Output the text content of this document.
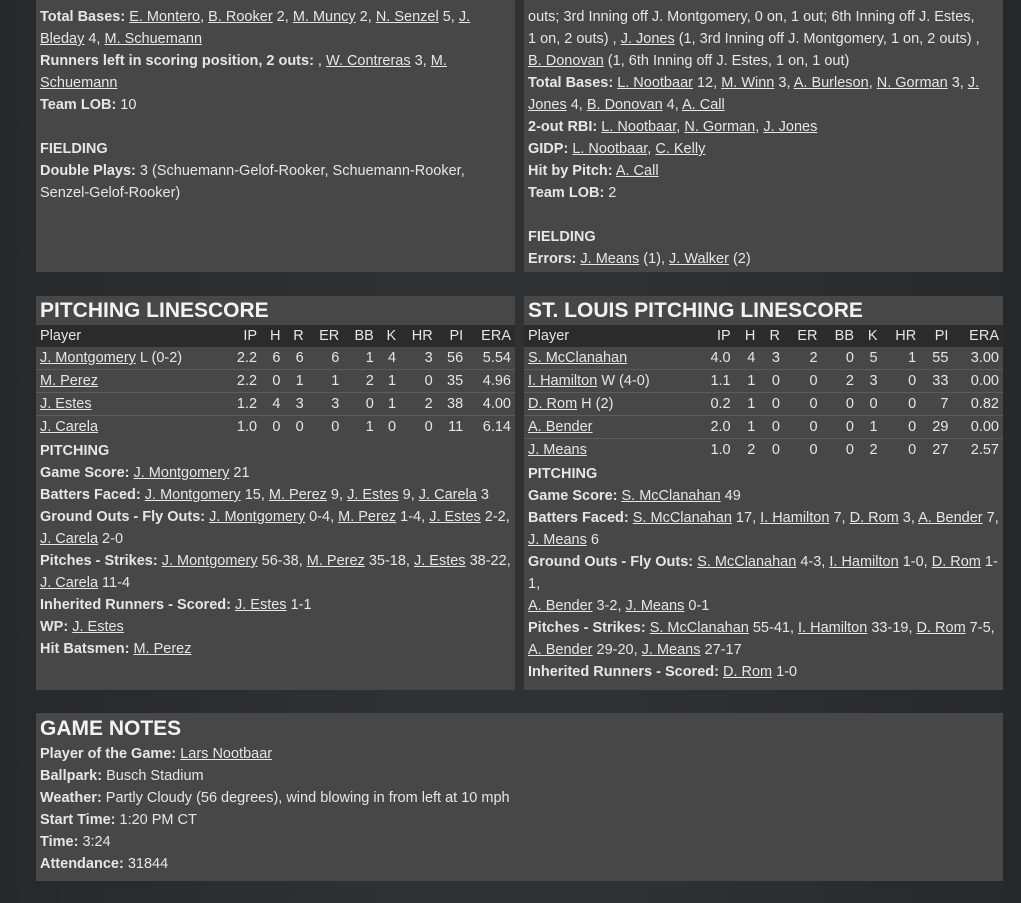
Total Bases: E. Montero, B. Rooker 2, M. Muncy 2, N. Senzel 5, J.
Bleday 4, M. Schuemann

Runners left in scoring position, 2 outs: , W. Contreras 3, M.
Schuemann

Team LOB: 10

FIELDING

Double Plays: 3 (Schuemann-Gelof-Rooker, Schuemann-Rooker,
Senzel-Gelof-Rooker)

outs; 3rd Inning off J. Montgomery, 0 on, 1 out; 6th Inning off J. Estes,

1 on, 2 outs) , J. Jones (1, 3rd Inning off J. Montgomery, 1 on, 2 outs) ,

B. Donovan (1, 6th Inning off J. Estes, 1 on, 1 out)

Total Bases: L. Nootbaar 12, M. Winn 3, A. Burleson, N. Gorman 3, J.
Jones 4, B. Donovan 4, A. Call

2-out RBI: L. Nootbaar, N. Gorman, J. Jones

GIDP: L. Nootbaar, C. Kelly

Hit by Pitch: A. Call

Team LOB: 2

FIELDING

Errors: J. Means (1), J. Walker (2)

PITCHING LINESCORE
Player	IP	H	R	ER	BB	K	HR	PI	ERA
J. Montgomery L (0-2)	2.2	6	6	6	1	4	3	56	5.54
M. Perez	2.2	0	1	1	2	1	0	35	4.96
J. Estes	1.2	4	3	3	0	1	2	38	4.00
J. Carela	1.0	0	0	0	1	0	0	11	6.14

PITCHING

Game Score: J. Montgomery 21

Batters Faced: J. Montgomery 15, M. Perez 9, J. Estes 9, J. Carela 3

Ground Outs - Fly Outs: J. Montgomery 0-4, M. Perez 1-4, J. Estes 2-2,
J. Carela 2-0

Pitches - Strikes: J. Montgomery 56-38, M. Perez 35-18, J. Estes 38-22,
J. Carela 11-4

Inherited Runners - Scored: J. Estes 1-1

WP: J. Estes

Hit Batsmen: M. Perez

ST. LOUIS PITCHING LINESCORE
Player	IP	H	R	ER	BB	K	HR	PI	ERA
S. McClanahan	4.0	4	3	2	0	5	1	55	3.00
I. Hamilton W (4-0)	1.1	1	0	0	2	3	0	33	0.00
D. Rom H (2)	0.2	1	0	0	0	0	0	7	0.82
A. Bender	2.0	1	0	0	0	1	0	29	0.00
J. Means	1.0	2	0	0	0	2	0	27	2.57

PITCHING

Game Score: S. McClanahan 49

Batters Faced: S. McClanahan 17, I. Hamilton 7, D. Rom 3, A. Bender 7,
J. Means 6

Ground Outs - Fly Outs: S. McClanahan 4-3, I. Hamilton 1-0, D. Rom 1-1,
A. Bender 3-2, J. Means 0-1

Pitches - Strikes: S. McClanahan 55-41, I. Hamilton 33-19, D. Rom 7-5,
A. Bender 29-20, J. Means 27-17

Inherited Runners - Scored: D. Rom 1-0

GAME NOTES

Player of the Game: Lars Nootbaar

Ballpark: Busch Stadium

Weather: Partly Cloudy (56 degrees), wind blowing in from left at 10 mph

Start Time: 1:20 PM CT

Time: 3:24

Attendance: 31844
